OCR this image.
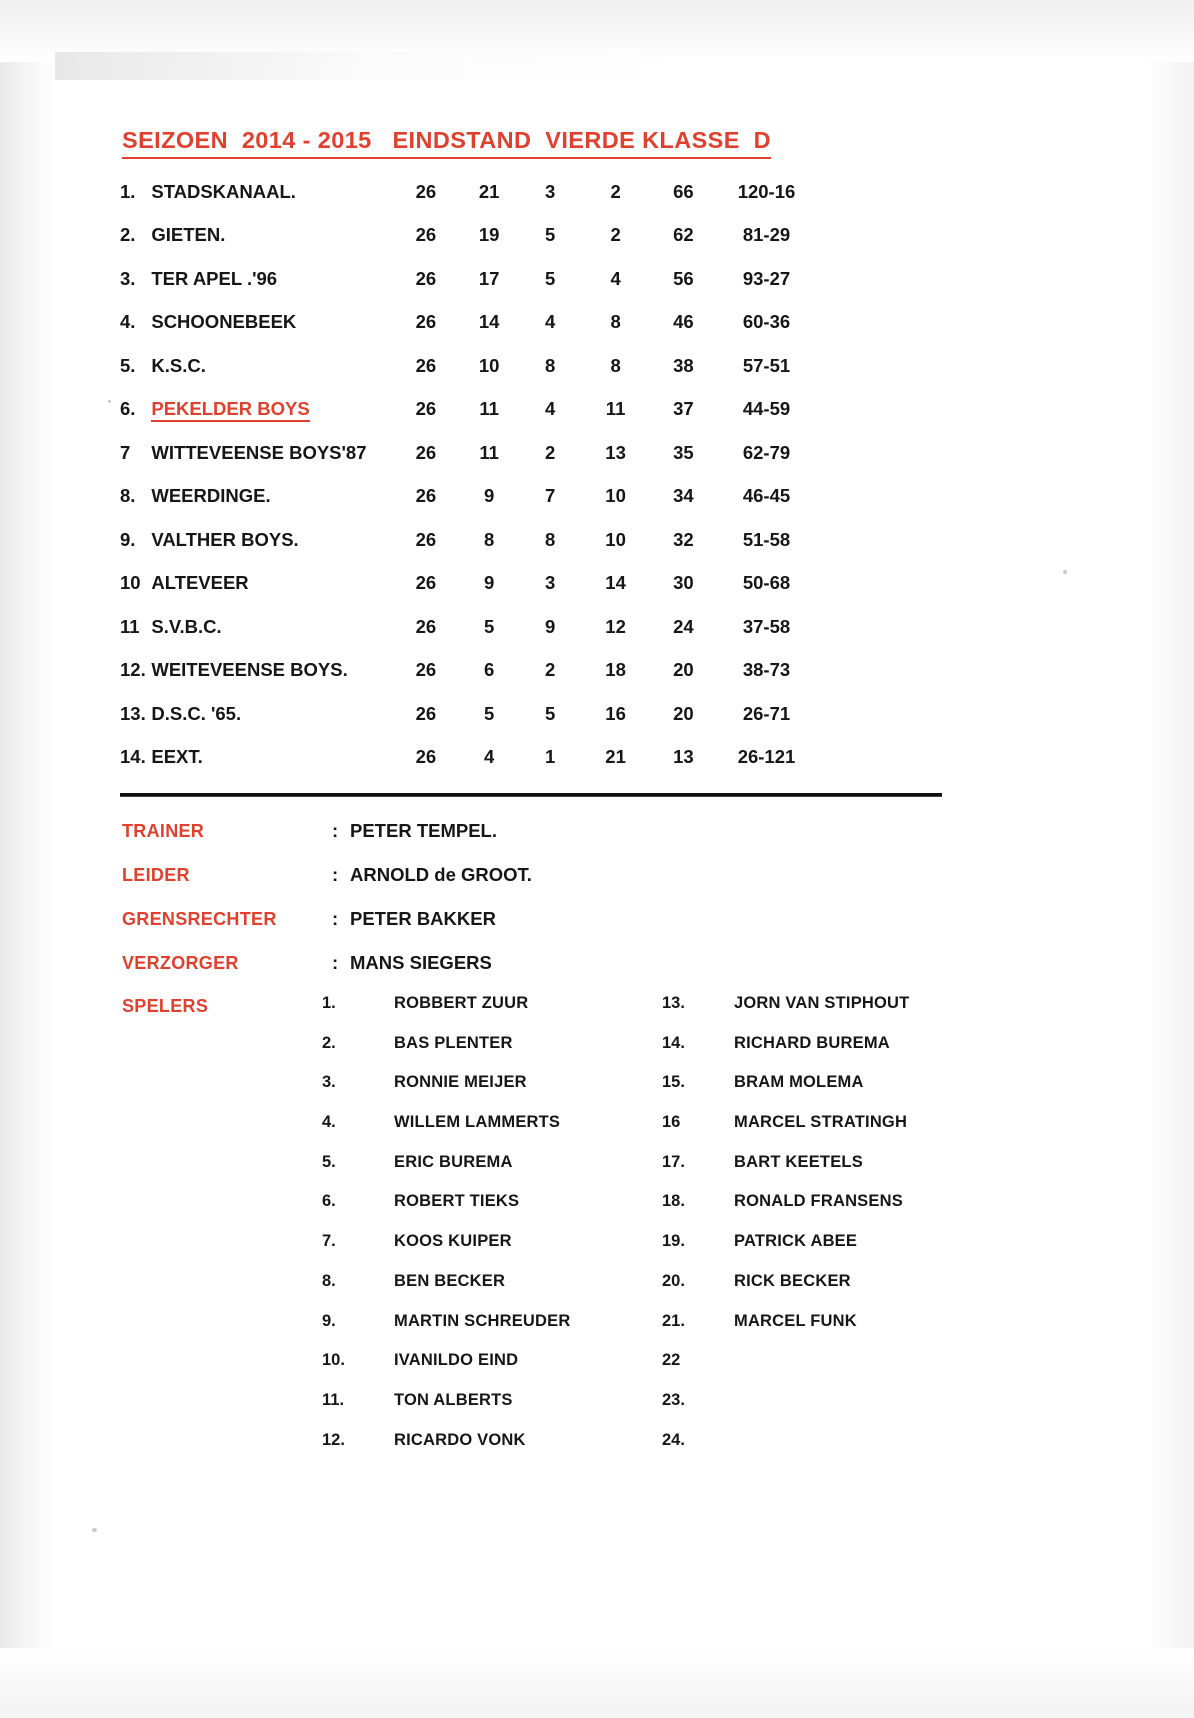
SEIZOEN  2014 - 2015   EINDSTAND  VIERDE KLASSE  D
1.	STADSKANAAL.	26	21	3	2	66	120-16
2.	GIETEN.	26	19	5	2	62	81-29
3.	TER APEL .'96	26	17	5	4	56	93-27
4.	SCHOONEBEEK	26	14	4	8	46	60-36
5.	K.S.C.	26	10	8	8	38	57-51
6.	PEKELDER BOYS	26	11	4	11	37	44-59
7	WITTEVEENSE BOYS'87	26	11	2	13	35	62-79
8.	WEERDINGE.	26	9	7	10	34	46-45
9.	VALTHER BOYS.	26	8	8	10	32	51-58
10	ALTEVEER	26	9	3	14	30	50-68
11	S.V.B.C.	26	5	9	12	24	37-58
12.	WEITEVEENSE BOYS.	26	6	2	18	20	38-73
13.	D.S.C. '65.	26	5	5	16	20	26-71
14.	EEXT.	26	4	1	21	13	26-121
TRAINER	: PETER TEMPEL.
LEIDER	: ARNOLD de GROOT.
GRENSRECHTER	: PETER BAKKER
VERZORGER	: MANS SIEGERS
SPELERS	1.	ROBBERT ZUUR	13.	JORN VAN STIPHOUT
2.	BAS PLENTER	14.	RICHARD BUREMA
3.	RONNIE MEIJER	15.	BRAM MOLEMA
4.	WILLEM LAMMERTS	16	MARCEL STRATINGH
5.	ERIC BUREMA	17.	BART KEETELS
6.	ROBERT TIEKS	18.	RONALD FRANSENS
7.	KOOS KUIPER	19.	PATRICK ABEE
8.	BEN BECKER	20.	RICK BECKER
9.	MARTIN SCHREUDER	21.	MARCEL FUNK
10.	IVANILDO EIND	22
11.	TON ALBERTS	23.
12.	RICARDO VONK	24.
